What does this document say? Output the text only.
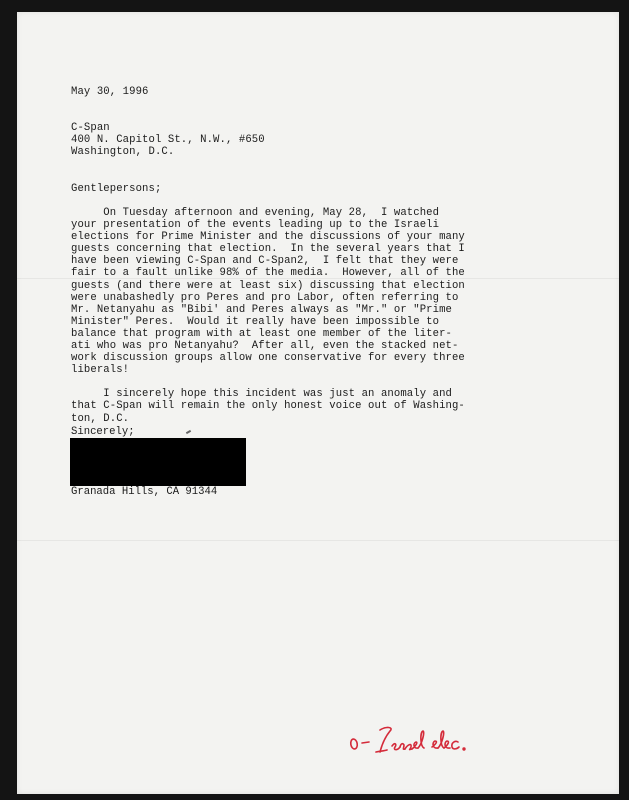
May 30, 1996
C-Span
400 N. Capitol St., N.W., #650
Washington, D.C.
Gentlepersons;
On Tuesday afternoon and evening, May 28,  I watched
your presentation of the events leading up to the Israeli
elections for Prime Minister and the discussions of your many
guests concerning that election.  In the several years that I
have been viewing C-Span and C-Span2,  I felt that they were
fair to a fault unlike 98% of the media.  However, all of the
guests (and there were at least six) discussing that election
were unabashedly pro Peres and pro Labor, often referring to
Mr. Netanyahu as "Bibi' and Peres always as "Mr." or "Prime
Minister" Peres.  Would it really have been impossible to
balance that program with at least one member of the liter-
ati who was pro Netanyahu?  After all, even the stacked net-
work discussion groups allow one conservative for every three
liberals!
I sincerely hope this incident was just an anomaly and
that C-Span will remain the only honest voice out of Washing-
ton, D.C.
Sincerely;
Granada Hills, CA 91344
0 - Israel elec.
